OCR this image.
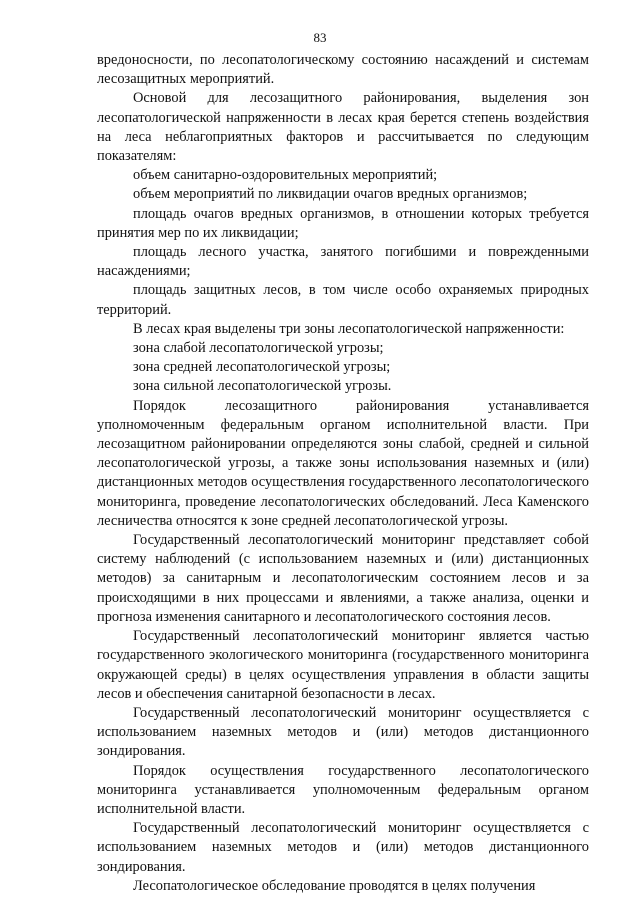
83

вредоносности, по лесопатологическому состоянию насаждений и системам лесозащитных мероприятий.

Основой для лесозащитного районирования, выделения зон лесопатологической напряженности в лесах края берется степень воздействия на леса неблагоприятных факторов и рассчитывается по следующим показателям:

объем санитарно-оздоровительных мероприятий;

объем мероприятий по ликвидации очагов вредных организмов;

площадь очагов вредных организмов, в отношении которых требуется принятия мер по их ликвидации;

площадь лесного участка, занятого погибшими и поврежденными насаждениями;

площадь защитных лесов, в том числе особо охраняемых природных территорий.

В лесах края выделены три зоны лесопатологической напряженности:

зона слабой лесопатологической угрозы;

зона средней лесопатологической угрозы;

зона сильной лесопатологической угрозы.

Порядок лесозащитного районирования устанавливается уполномоченным федеральным органом исполнительной власти. При лесозащитном районировании определяются зоны слабой, средней и сильной лесопатологической угрозы, а также зоны использования наземных и (или) дистанционных методов осуществления государственного лесопатологического мониторинга, проведение лесопатологических обследований. Леса Каменского лесничества относятся к зоне средней лесопатологической угрозы.

Государственный лесопатологический мониторинг представляет собой систему наблюдений (с использованием наземных и (или) дистанционных методов) за санитарным и лесопатологическим состоянием лесов и за происходящими в них процессами и явлениями, а также анализа, оценки и прогноза изменения санитарного и лесопатологического состояния лесов.

Государственный лесопатологический мониторинг является частью государственного экологического мониторинга (государственного мониторинга окружающей среды) в целях осуществления управления в области защиты лесов и обеспечения санитарной безопасности в лесах.

Государственный лесопатологический мониторинг осуществляется с использованием наземных методов и (или) методов дистанционного зондирования.

Порядок осуществления государственного лесопатологического мониторинга устанавливается уполномоченным федеральным органом исполнительной власти.

Государственный лесопатологический мониторинг осуществляется с использованием наземных методов и (или) методов дистанционного зондирования.

Лесопатологическое обследование проводятся в целях получения
